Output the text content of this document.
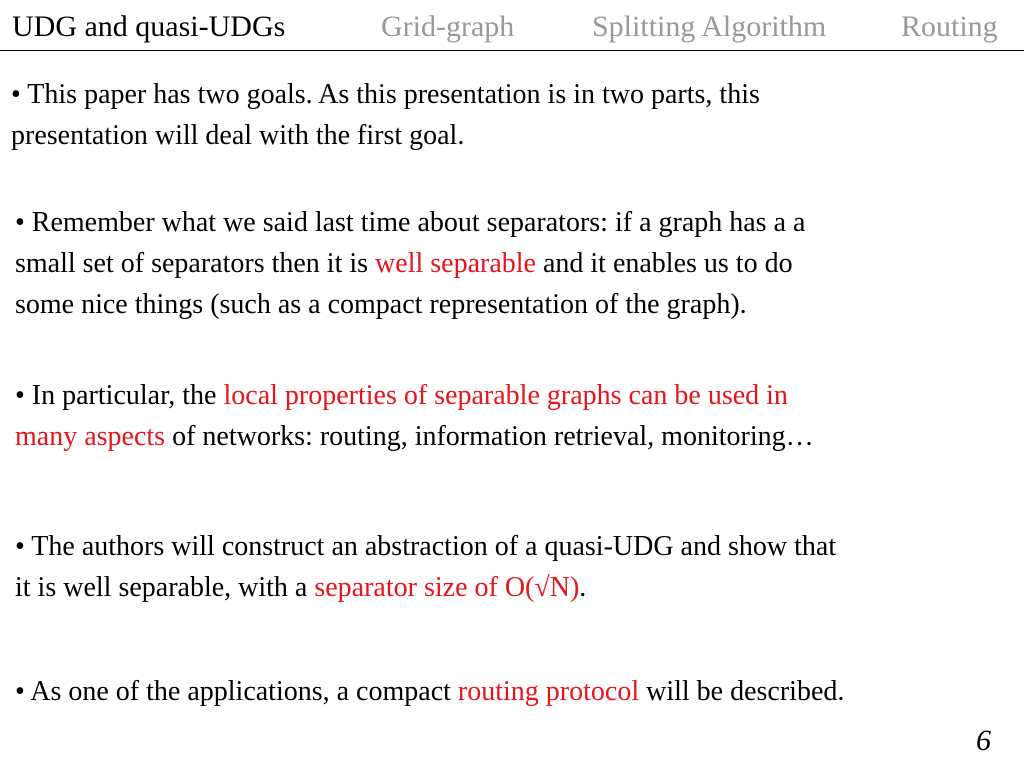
UDG and quasi-UDGs	Grid-graph	Splitting Algorithm Routing
• This paper has two goals. As this presentation is in two parts, this
presentation will deal with the first goal.
• Remember what we said last time about separators: if a graph has a a
small set of separators then it is well separable and it enables us to do
some nice things (such as a compact representation of the graph).
• In particular, the local properties of separable graphs can be used in
many aspects of networks: routing, information retrieval, monitoring…
• The authors will construct an abstraction of a quasi-UDG and show that
it is well separable, with a separator size of O(√N).
• As one of the applications, a compact routing protocol will be described.
6
